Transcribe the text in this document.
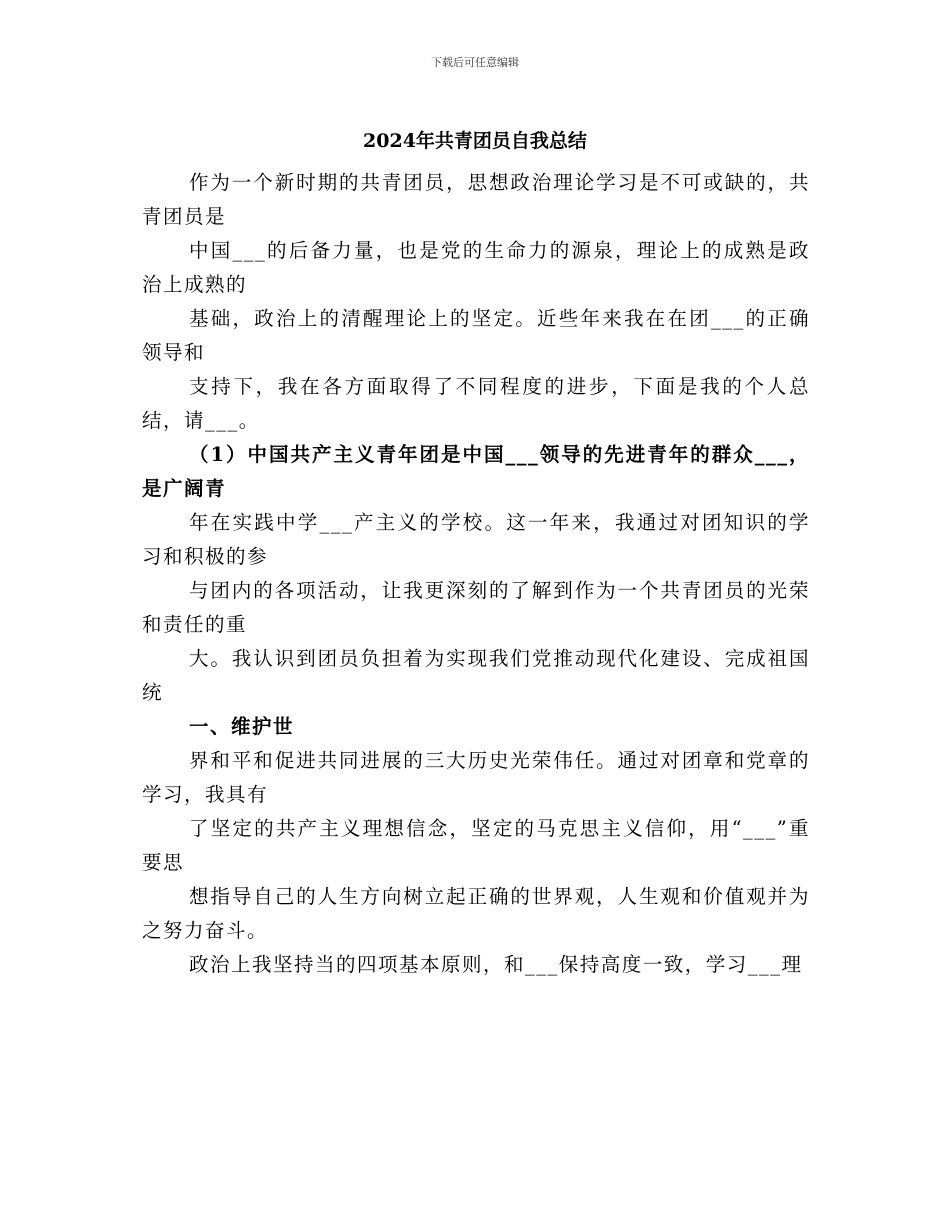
下载后可任意编辑
2024年共青团员自我总结

作为一个新时期的共青团员，思想政治理论学习是不可或缺的，共青团员是

中国___的后备力量，也是党的生命力的源泉，理论上的成熟是政治上成熟的

基础，政治上的清醒理论上的坚定。近些年来我在在团___的正确领导和

支持下，我在各方面取得了不同程度的进步，下面是我的个人总结，请___。

（1）中国共产主义青年团是中国___领导的先进青年的群众___，是广阔青

年在实践中学___产主义的学校。这一年来，我通过对团知识的学习和积极的参

与团内的各项活动，让我更深刻的了解到作为一个共青团员的光荣和责任的重

大。我认识到团员负担着为实现我们党推动现代化建设、完成祖国统

一、维护世

界和平和促进共同进展的三大历史光荣伟任。通过对团章和党章的学习，我具有

了坚定的共产主义理想信念，坚定的马克思主义信仰，用“___”重要思

想指导自己的人生方向树立起正确的世界观，人生观和价值观并为之努力奋斗。

政治上我坚持当的四项基本原则，和___保持高度一致，学习___理
